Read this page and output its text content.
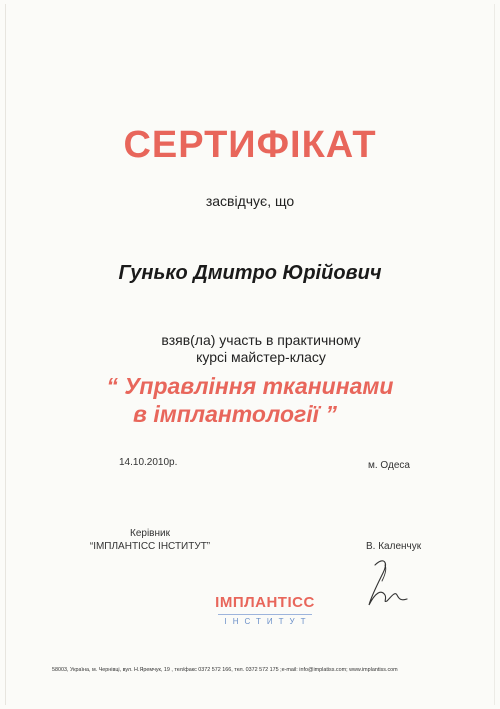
СЕРТИФІКАТ
засвідчує, що
Гунько Дмитро Юрійович
взяв(ла) участь в практичному
курсі майстер-класу
“ Управління тканинами
в імплантології ”
14.10.2010р.	м. Одеса
Керівник
“ІМПЛАНТІСС ІНСТИТУТ”	В. Каленчук
ІМПЛАНТІСС
ІНСТИТУТ
58003, Україна, м. Чернівці, вул. Н.Яремчук, 19 , тел/факс 0372 572 166, тел. 0372 572 175 ;e-mail: info@implatiss.com; www.implantiss.com
